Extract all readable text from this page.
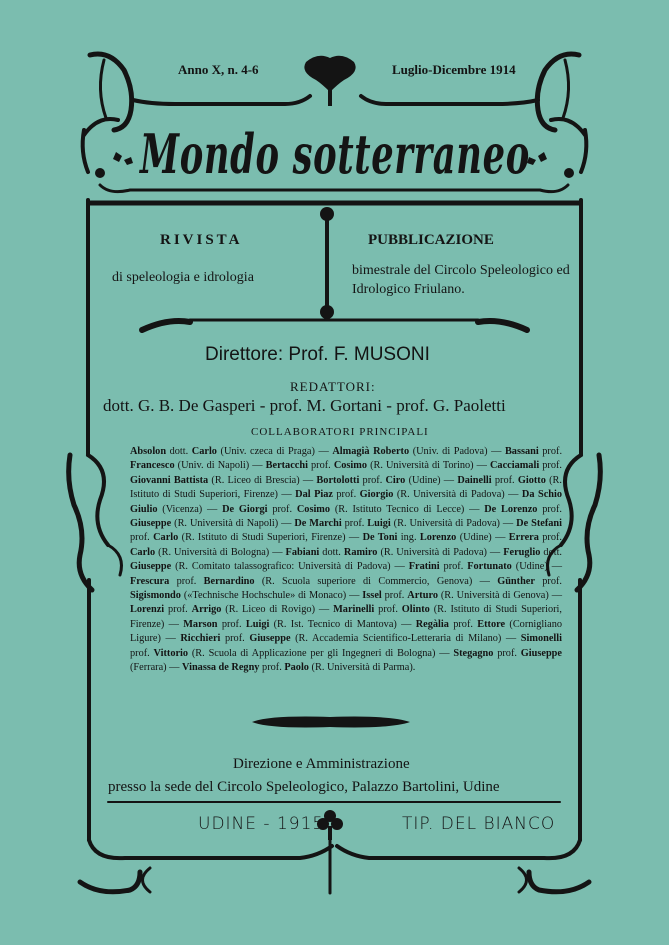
Anno X, n. 4-6	Luglio-Dicembre 1914
Mondo sotterraneo
RIVISTA
di speleologia e idrologia
PUBBLICAZIONE
bimestrale del Circolo Speleologico ed Idrologico Friulano.
Direttore: Prof. F. MUSONI
REDATTORI:
dott. G. B. De Gasperi - prof. M. Gortani - prof. G. Paoletti
COLLABORATORI PRINCIPALI
Absolon dott. Carlo (Univ. czeca di Praga) — Almagià Roberto (Univ. di Padova) — Bassani prof. Francesco (Univ. di Napoli) — Bertacchi prof. Cosimo (R. Università di Torino) — Cacciamali prof. Giovanni Battista (R. Liceo di Brescia) — Bortolotti prof. Ciro (Udine) — Dainelli prof. Giotto (R. Istituto di Studi Superiori, Firenze) — Dal Piaz prof. Giorgio (R. Università di Padova) — Da Schio Giulio (Vicenza) — De Giorgi prof. Cosimo (R. Istituto Tecnico di Lecce) — De Lorenzo prof. Giuseppe (R. Università di Napoli) — De Marchi prof. Luigi (R. Università di Padova) — De Stefani prof. Carlo (R. Istituto di Studi Superiori, Firenze) — De Toni ing. Lorenzo (Udine) — Errera prof. Carlo (R. Università di Bologna) — Fabiani dott. Ramiro (R. Università di Padova) — Feruglio dott. Giuseppe (R. Comitato talassografico: Università di Padova) — Fratini prof. Fortunato (Udine) — Frescura prof. Bernardino (R. Scuola superiore di Commercio, Genova) — Günther prof. Sigismondo («Technische Hochschule» di Monaco) — Issel prof. Arturo (R. Università di Genova) — Lorenzi prof. Arrigo (R. Liceo di Rovigo) — Marinelli prof. Olinto (R. Istituto di Studi Superiori, Firenze) — Marson prof. Luigi (R. Ist. Tecnico di Mantova) — Regàlia prof. Ettore (Cornigliano Ligure) — Ricchieri prof. Giuseppe (R. Accademia Scientifico-Letteraria di Milano) — Simonelli prof. Vittorio (R. Scuola di Applicazione per gli Ingegneri di Bologna) — Stegagno prof. Giuseppe (Ferrara) — Vinassa de Regny prof. Paolo (R. Università di Parma).
Direzione e Amministrazione
presso la sede del Circolo Speleologico, Palazzo Bartolini, Udine
UDINE - 1915	TIP. DEL BIANCO
